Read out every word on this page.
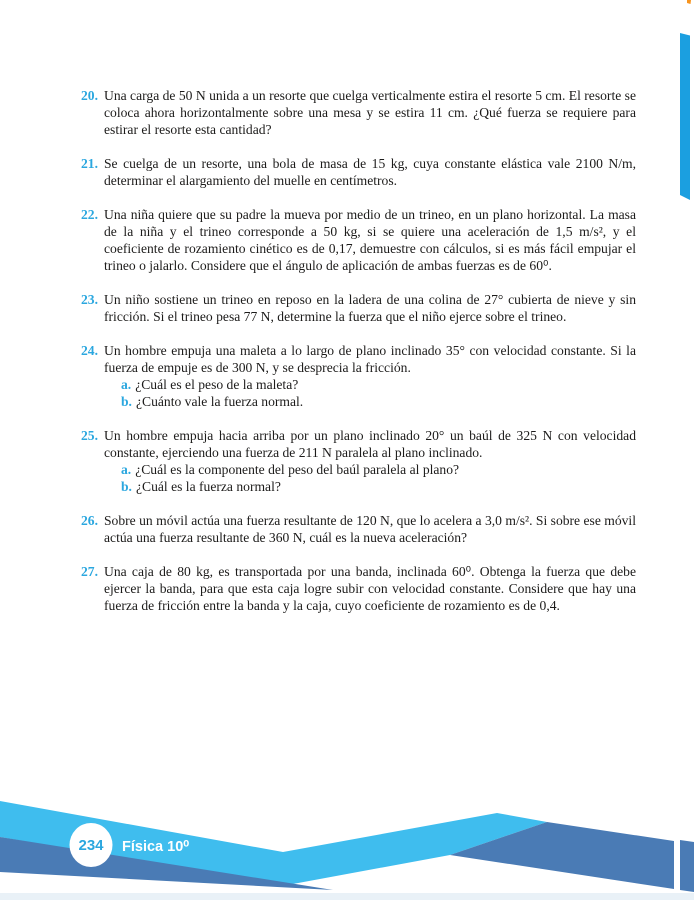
20. Una carga de 50 N unida a un resorte que cuelga verticalmente estira el resorte 5 cm. El resorte se coloca ahora horizontalmente sobre una mesa y se estira 11 cm. ¿Qué fuerza se requiere para estirar el resorte esta cantidad?
21. Se cuelga de un resorte, una bola de masa de 15 kg, cuya constante elástica vale 2100 N/m, determinar el alargamiento del muelle en centímetros.
22. Una niña quiere que su padre la mueva por medio de un trineo, en un plano horizontal. La masa de la niña y el trineo corresponde a 50 kg, si se quiere una aceleración de 1,5 m/s², y el coeficiente de rozamiento cinético es de 0,17, demuestre con cálculos, si es más fácil empujar el trineo o jalarlo. Considere que el ángulo de aplicación de ambas fuerzas es de 60⁰.
23. Un niño sostiene un trineo en reposo en la ladera de una colina de 27° cubierta de nieve y sin fricción. Si el trineo pesa 77 N, determine la fuerza que el niño ejerce sobre el trineo.
24. Un hombre empuja una maleta a lo largo de plano inclinado 35° con velocidad constante. Si la fuerza de empuje es de 300 N, y se desprecia la fricción.
a. ¿Cuál es el peso de la maleta?
b. ¿Cuánto vale la fuerza normal.
25. Un hombre empuja hacia arriba por un plano inclinado 20° un baúl de 325 N con velocidad constante, ejerciendo una fuerza de 211 N paralela al plano inclinado.
a. ¿Cuál es la componente del peso del baúl paralela al plano?
b. ¿Cuál es la fuerza normal?
26. Sobre un móvil actúa una fuerza resultante de 120 N, que lo acelera a 3,0 m/s². Si sobre ese móvil actúa una fuerza resultante de 360 N, cuál es la nueva aceleración?
27. Una caja de 80 kg, es transportada por una banda, inclinada 60⁰. Obtenga la fuerza que debe ejercer la banda, para que esta caja logre subir con velocidad constante. Considere que hay una fuerza de fricción entre la banda y la caja, cuyo coeficiente de rozamiento es de 0,4.
234 Física 10⁰
